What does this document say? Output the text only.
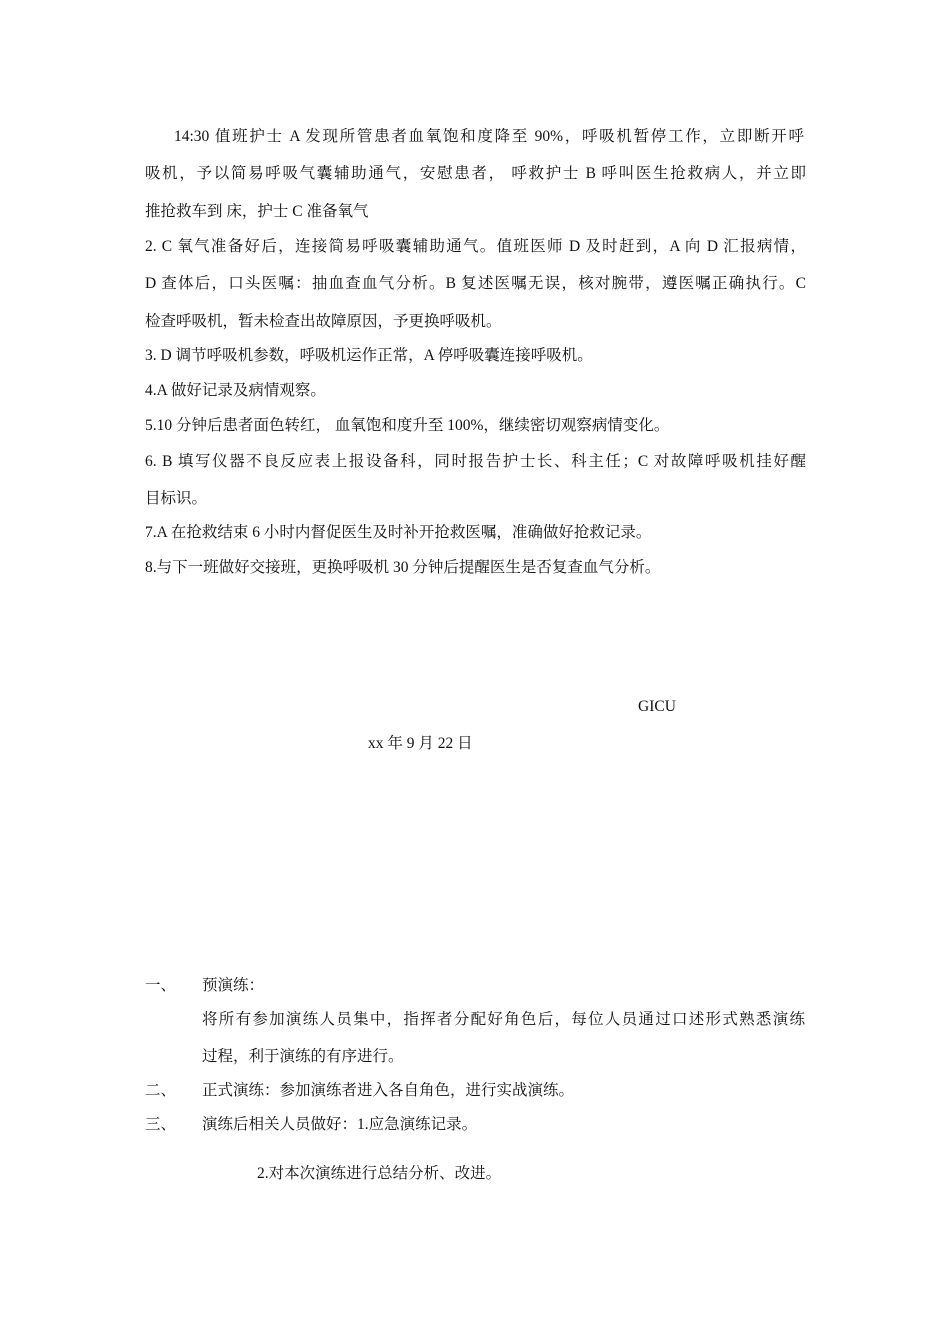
14:30 值班护士 A 发现所管患者血氧饱和度降至 90%，呼吸机暂停工作，立即断开呼
吸机，予以简易呼吸气囊辅助通气，安慰患者， 呼救护士 B 呼叫医生抢救病人，并立即
推抢救车到 床，护士 C 准备氧气
2. C 氧气准备好后，连接简易呼吸囊辅助通气。值班医师 D 及时赶到，A 向 D 汇报病情，
D 查体后，口头医嘱：抽血查血气分析。B 复述医嘱无误，核对腕带，遵医嘱正确执行。C
检查呼吸机，暂未检查出故障原因，予更换呼吸机。
3. D 调节呼吸机参数，呼吸机运作正常，A 停呼吸囊连接呼吸机。
4.A 做好记录及病情观察。
5.10 分钟后患者面色转红， 血氧饱和度升至 100%，继续密切观察病情变化。
6. B 填写仪器不良反应表上报设备科，同时报告护士长、科主任；C 对故障呼吸机挂好醒
目标识。
7.A 在抢救结束 6 小时内督促医生及时补开抢救医嘱，准确做好抢救记录。
8.与下一班做好交接班，更换呼吸机 30 分钟后提醒医生是否复查血气分析。
GICU
xx 年 9 月 22 日
一、 预演练：
将所有参加演练人员集中，指挥者分配好角色后，每位人员通过口述形式熟悉演练
过程，利于演练的有序进行。
二、 正式演练：参加演练者进入各自角色，进行实战演练。
三、 演练后相关人员做好：1.应急演练记录。
2.对本次演练进行总结分析、改进。
